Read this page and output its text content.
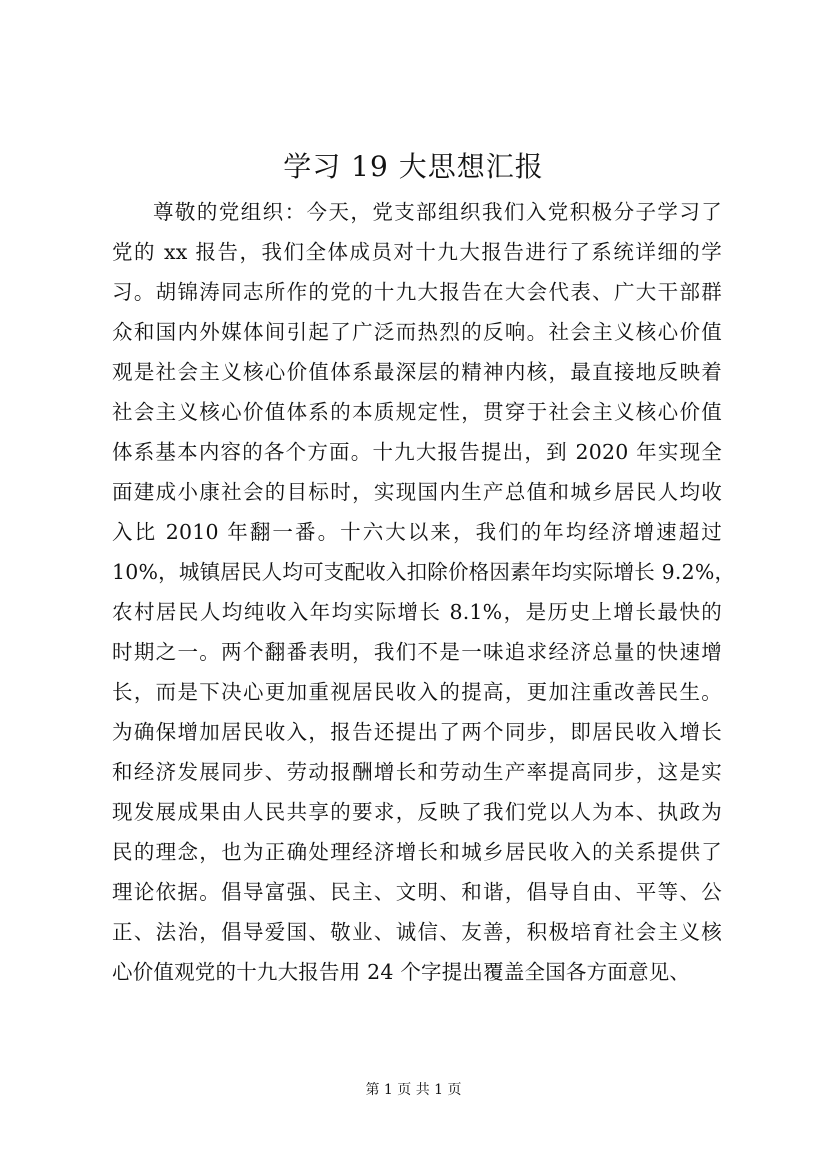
学习 19 大思想汇报
尊敬的党组织：今天，党支部组织我们入党积极分子学习了
党的 xx 报告，我们全体成员对十九大报告进行了系统详细的学
习。胡锦涛同志所作的党的十九大报告在大会代表、广大干部群
众和国内外媒体间引起了广泛而热烈的反响。社会主义核心价值
观是社会主义核心价值体系最深层的精神内核，最直接地反映着
社会主义核心价值体系的本质规定性，贯穿于社会主义核心价值
体系基本内容的各个方面。十九大报告提出，到 2020 年实现全
面建成小康社会的目标时，实现国内生产总值和城乡居民人均收
入比 2010 年翻一番。十六大以来，我们的年均经济增速超过
10%，城镇居民人均可支配收入扣除价格因素年均实际增长 9.2%，
农村居民人均纯收入年均实际增长 8.1%，是历史上增长最快的
时期之一。两个翻番表明，我们不是一味追求经济总量的快速增
长，而是下决心更加重视居民收入的提高，更加注重改善民生。
为确保增加居民收入，报告还提出了两个同步，即居民收入增长
和经济发展同步、劳动报酬增长和劳动生产率提高同步，这是实
现发展成果由人民共享的要求，反映了我们党以人为本、执政为
民的理念，也为正确处理经济增长和城乡居民收入的关系提供了
理论依据。倡导富强、民主、文明、和谐，倡导自由、平等、公
正、法治，倡导爱国、敬业、诚信、友善，积极培育社会主义核
心价值观党的十九大报告用 24 个字提出覆盖全国各方面意见、
第 1 页 共 1 页
